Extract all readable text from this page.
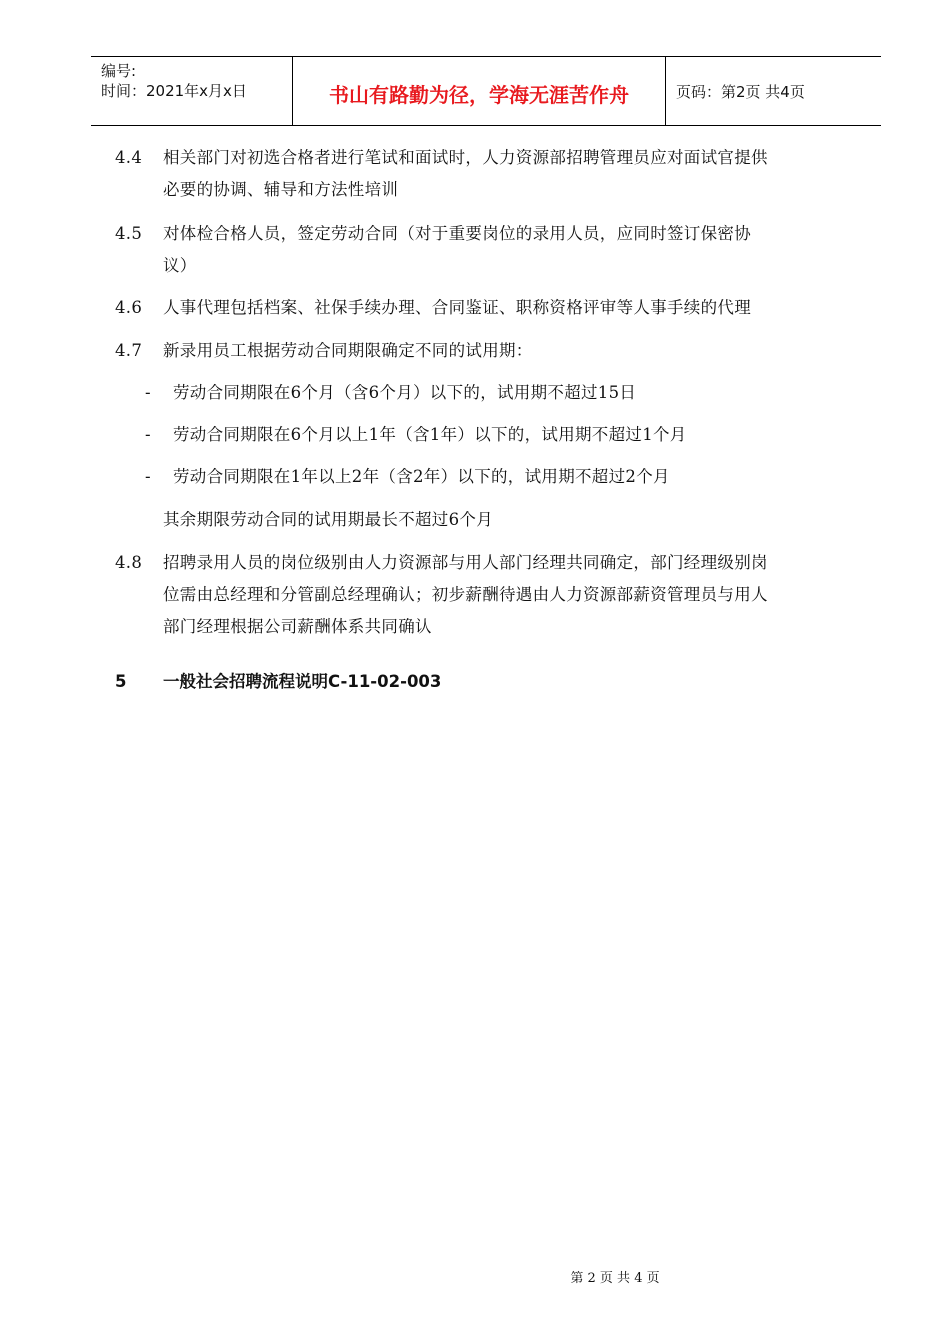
编号:
时间：2021年x月x日	书山有路勤为径，学海无涯苦作舟	页码：第2页 共4页
4.4 相关部门对初选合格者进行笔试和面试时，人力资源部招聘管理员应对面试官提供
必要的协调、辅导和方法性培训
4.5 对体检合格人员，签定劳动合同（对于重要岗位的录用人员，应同时签订保密协
议）
4.6 人事代理包括档案、社保手续办理、合同鉴证、职称资格评审等人事手续的代理
4.7 新录用员工根据劳动合同期限确定不同的试用期：
- 劳动合同期限在6个月（含6个月）以下的，试用期不超过15日
- 劳动合同期限在6个月以上1年（含1年）以下的，试用期不超过1个月
- 劳动合同期限在1年以上2年（含2年）以下的，试用期不超过2个月
其余期限劳动合同的试用期最长不超过6个月
4.8 招聘录用人员的岗位级别由人力资源部与用人部门经理共同确定，部门经理级别岗
位需由总经理和分管副总经理确认；初步薪酬待遇由人力资源部薪资管理员与用人
部门经理根据公司薪酬体系共同确认
5 一般社会招聘流程说明C-11-02-003
第 2 页 共 4 页
